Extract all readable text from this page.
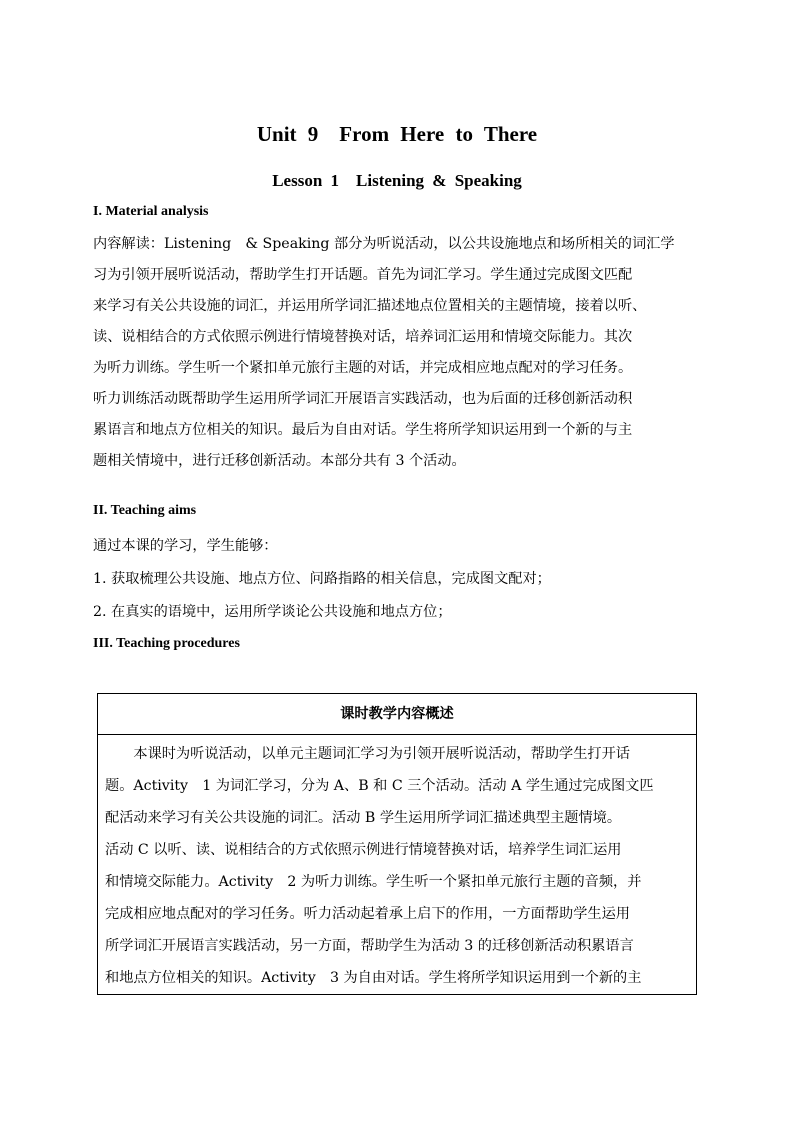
Unit 9　From Here to There
Lesson 1　Listening & Speaking
I. Material analysis
内容解读：Listening　& Speaking 部分为听说活动，以公共设施地点和场所相关的词汇学
习为引领开展听说活动，帮助学生打开话题。首先为词汇学习。学生通过完成图文匹配
来学习有关公共设施的词汇，并运用所学词汇描述地点位置相关的主题情境，接着以听、
读、说相结合的方式依照示例进行情境替换对话，培养词汇运用和情境交际能力。其次
为听力训练。学生听一个紧扣单元旅行主题的对话，并完成相应地点配对的学习任务。
听力训练活动既帮助学生运用所学词汇开展语言实践活动，也为后面的迁移创新活动积
累语言和地点方位相关的知识。最后为自由对话。学生将所学知识运用到一个新的与主
题相关情境中，进行迁移创新活动。本部分共有 3 个活动。
II. Teaching aims

通过本课的学习，学生能够：

1. 获取梳理公共设施、地点方位、问路指路的相关信息，完成图文配对；

2. 在真实的语境中，运用所学谈论公共设施和地点方位；

III. Teaching procedures
课时教学内容概述
　　本课时为听说活动，以单元主题词汇学习为引领开展听说活动，帮助学生打开话
题。Activity　1 为词汇学习，分为 A、B 和 C 三个活动。活动 A 学生通过完成图文匹
配活动来学习有关公共设施的词汇。活动 B 学生运用所学词汇描述典型主题情境。
活动 C 以听、读、说相结合的方式依照示例进行情境替换对话，培养学生词汇运用
和情境交际能力。Activity　2 为听力训练。学生听一个紧扣单元旅行主题的音频，并
完成相应地点配对的学习任务。听力活动起着承上启下的作用，一方面帮助学生运用
所学词汇开展语言实践活动，另一方面，帮助学生为活动 3 的迁移创新活动积累语言
和地点方位相关的知识。Activity　3 为自由对话。学生将所学知识运用到一个新的主
